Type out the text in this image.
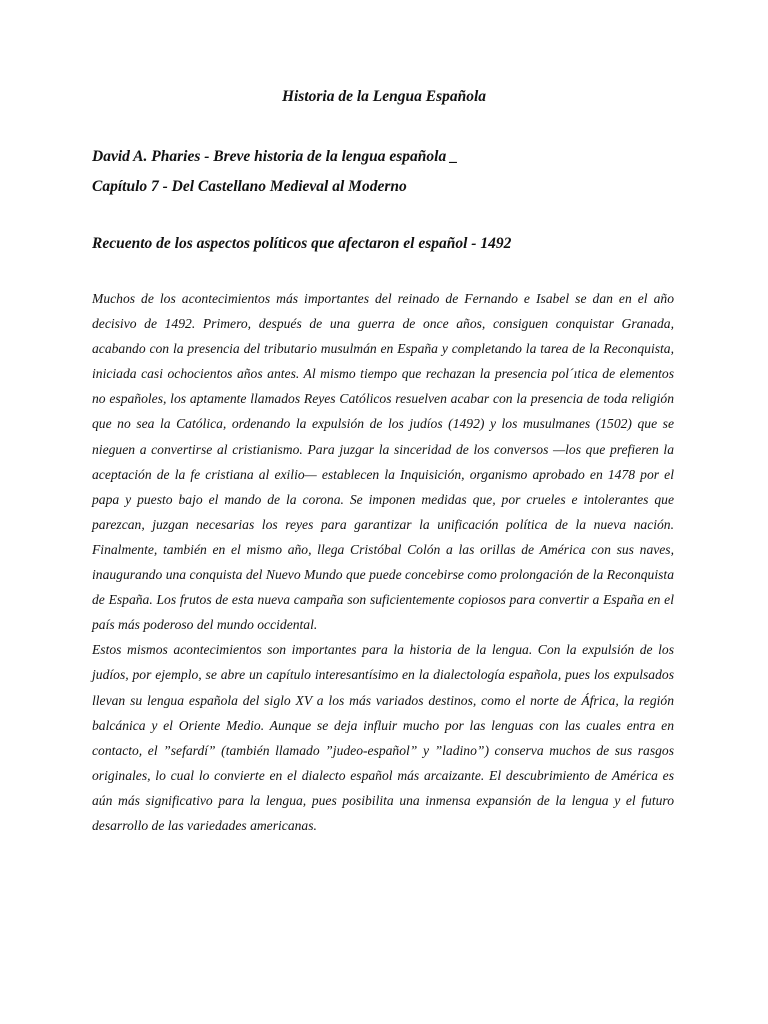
Historia de la Lengua Española
David A. Pharies - Breve historia de la lengua española _
Capítulo 7 - Del Castellano Medieval al Moderno
Recuento de los aspectos políticos que afectaron el español - 1492

Muchos de los acontecimientos más importantes del reinado de Fernando e Isabel se dan en el año decisivo de 1492. Primero, después de una guerra de once años, consiguen conquistar Granada, acabando con la presencia del tributario musulmán en España y completando la tarea de la Reconquista, iniciada casi ochocientos años antes. Al mismo tiempo que rechazan la presencia pol´ıtica de elementos no españoles, los aptamente llamados Reyes Católicos resuelven acabar con la presencia de toda religión que no sea la Católica, ordenando la expulsión de los judíos (1492) y los musulmanes (1502) que se nieguen a convertirse al cristianismo. Para juzgar la sinceridad de los conversos —los que prefieren la aceptación de la fe cristiana al exilio— establecen la Inquisición, organismo aprobado en 1478 por el papa y puesto bajo el mando de la corona. Se imponen medidas que, por crueles e intolerantes que parezcan, juzgan necesarias los reyes para garantizar la unificación política de la nueva nación. Finalmente, también en el mismo año, llega Cristóbal Colón a las orillas de América con sus naves, inaugurando una conquista del Nuevo Mundo que puede concebirse como prolongación de la Reconquista de España. Los frutos de esta nueva campaña son suficientemente copiosos para convertir a España en el país más poderoso del mundo occidental.

Estos mismos acontecimientos son importantes para la historia de la lengua. Con la expulsión de los judíos, por ejemplo, se abre un capítulo interesantísimo en la dialectología española, pues los expulsados llevan su lengua española del siglo XV a los más variados destinos, como el norte de África, la región balcánica y el Oriente Medio. Aunque se deja influir mucho por las lenguas con las cuales entra en contacto, el ”sefardí” (también llamado ”judeo-español” y ”ladino”) conserva muchos de sus rasgos originales, lo cual lo convierte en el dialecto español más arcaizante. El descubrimiento de América es aún más significativo para la lengua, pues posibilita una inmensa expansión de la lengua y el futuro desarrollo de las variedades americanas.
